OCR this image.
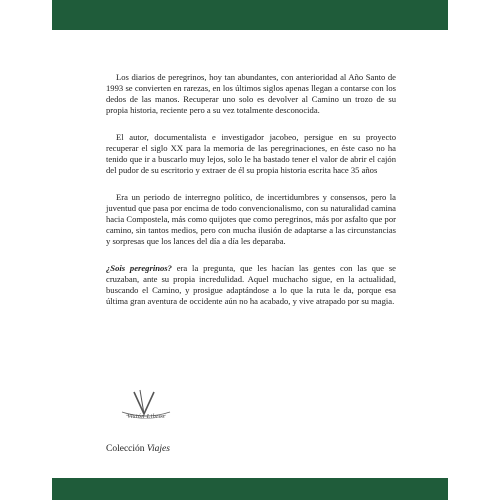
Los diarios de peregrinos, hoy tan abundantes, con anterioridad al Año Santo de 1993 se convierten en rarezas, en los últimos siglos apenas llegan a contarse con los dedos de las manos. Recuperar uno solo es devolver al Camino un trozo de su propia historia, reciente pero a su vez totalmente desconocida.

El autor, documentalista e investigador jacobeo, persigue en su proyecto recuperar el siglo XX para la memoria de las peregrinaciones, en éste caso no ha tenido que ir a buscarlo muy lejos, solo le ha bastado tener el valor de abrir el cajón del pudor de su escritorio y extraer de él su propia historia escrita hace 35 años

Era un periodo de interregno político, de incertidumbres y consensos, pero la juventud que pasa por encima de todo convencionalismo, con su naturalidad camina hacia Compostela, más como quijotes que como peregrinos, más por asfalto que por camino, sin tantos medios, pero con mucha ilusión de adaptarse a las circunstancias y sorpresas que los lances del día a día les deparaba.

¿Sois peregrinos? era la pregunta, que les hacían las gentes con las que se cruzaban, ante su propia incredulidad. Aquel muchacho sigue, en la actualidad, buscando el Camino, y prosigue adaptándose a lo que la ruta le da, porque esa última gran aventura de occidente aún no ha acabado, y vive atrapado por su magia.

Visión Libros
Colección Viajes
